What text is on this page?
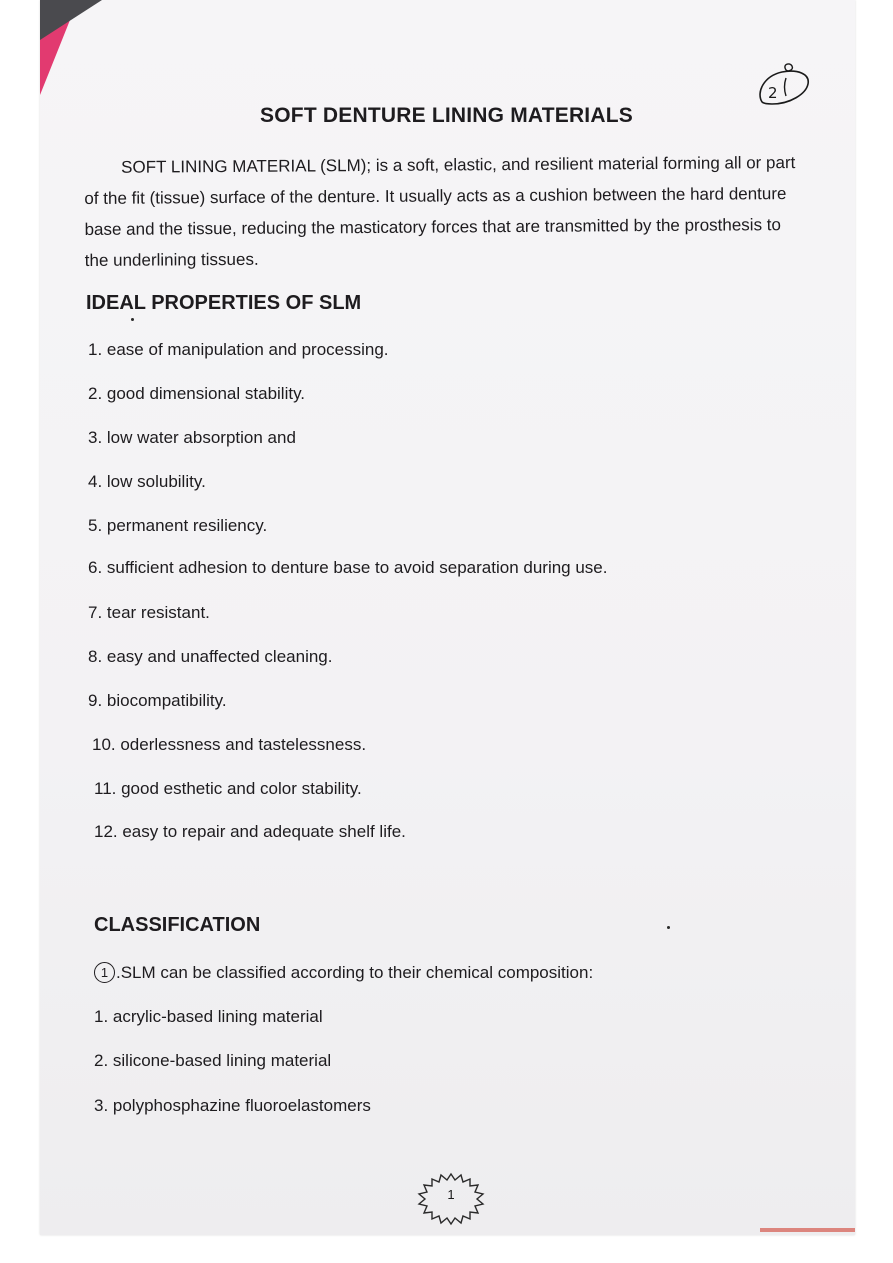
2
SOFT DENTURE LINING MATERIALS

SOFT LINING MATERIAL (SLM); is a soft, elastic, and resilient material forming all or part of the fit (tissue) surface of the denture. It usually acts as a cushion between the hard denture base and the tissue, reducing the masticatory forces that are transmitted by the prosthesis to the underlining tissues.

IDEAL PROPERTIES OF SLM
1. ease of manipulation and processing.
2. good dimensional stability.
3. low water absorption and
4. low solubility.
5. permanent resiliency.
6. sufficient adhesion to denture base to avoid separation during use.
7. tear resistant.
8. easy and unaffected cleaning.
9. biocompatibility.
10. oderlessness and tastelessness.
11. good esthetic and color stability.
12. easy to repair and adequate shelf life.
CLASSIFICATION

1 .SLM can be classified according to their chemical composition:

1. acrylic-based lining material
2. silicone-based lining material
3. polyphosphazine fluoroelastomers
1
